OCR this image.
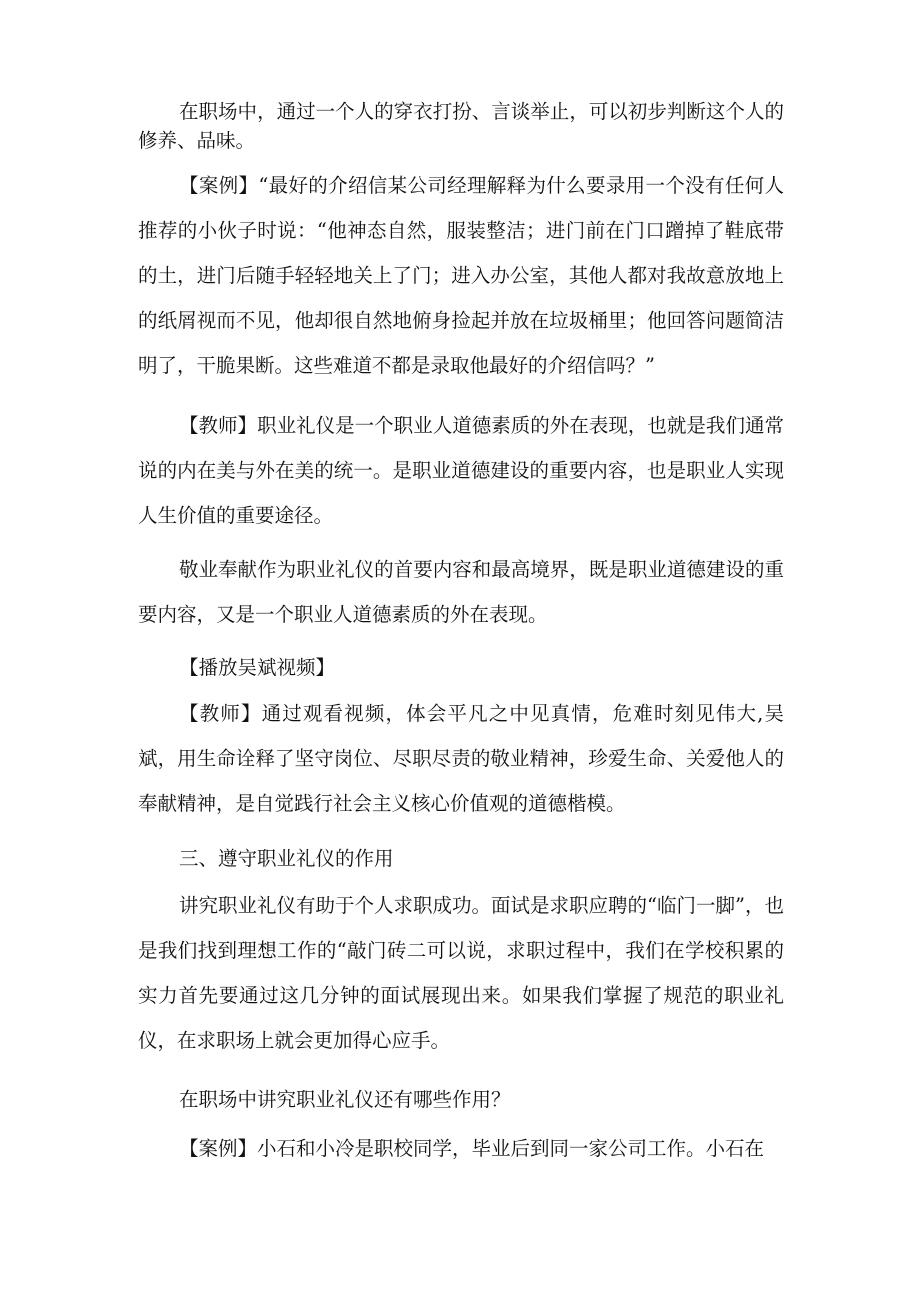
在职场中，通过一个人的穿衣打扮、言谈举止，可以初步判断这个人的修养、品味。

【案例】“最好的介绍信某公司经理解释为什么要录用一个没有任何人推荐的小伙子时说：“他神态自然，服装整洁；进门前在门口蹭掉了鞋底带的土，进门后随手轻轻地关上了门；进入办公室，其他人都对我故意放地上的纸屑视而不见，他却很自然地俯身捡起并放在垃圾桶里；他回答问题简洁明了，干脆果断。这些难道不都是录取他最好的介绍信吗？”

【教师】职业礼仪是一个职业人道德素质的外在表现，也就是我们通常说的内在美与外在美的统一。是职业道德建设的重要内容，也是职业人实现人生价值的重要途径。

敬业奉献作为职业礼仪的首要内容和最高境界，既是职业道德建设的重要内容，又是一个职业人道德素质的外在表现。

【播放吴斌视频】

【教师】通过观看视频，体会平凡之中见真情，危难时刻见伟大,吴斌，用生命诠释了坚守岗位、尽职尽责的敬业精神，珍爱生命、关爱他人的奉献精神，是自觉践行社会主义核心价值观的道德楷模。

三、遵守职业礼仪的作用

讲究职业礼仪有助于个人求职成功。面试是求职应聘的“临门一脚”，也是我们找到理想工作的“敲门砖二可以说，求职过程中，我们在学校积累的实力首先要通过这几分钟的面试展现出来。如果我们掌握了规范的职业礼仪，在求职场上就会更加得心应手。

在职场中讲究职业礼仪还有哪些作用？

【案例】小石和小冷是职校同学，毕业后到同一家公司工作。小石在
